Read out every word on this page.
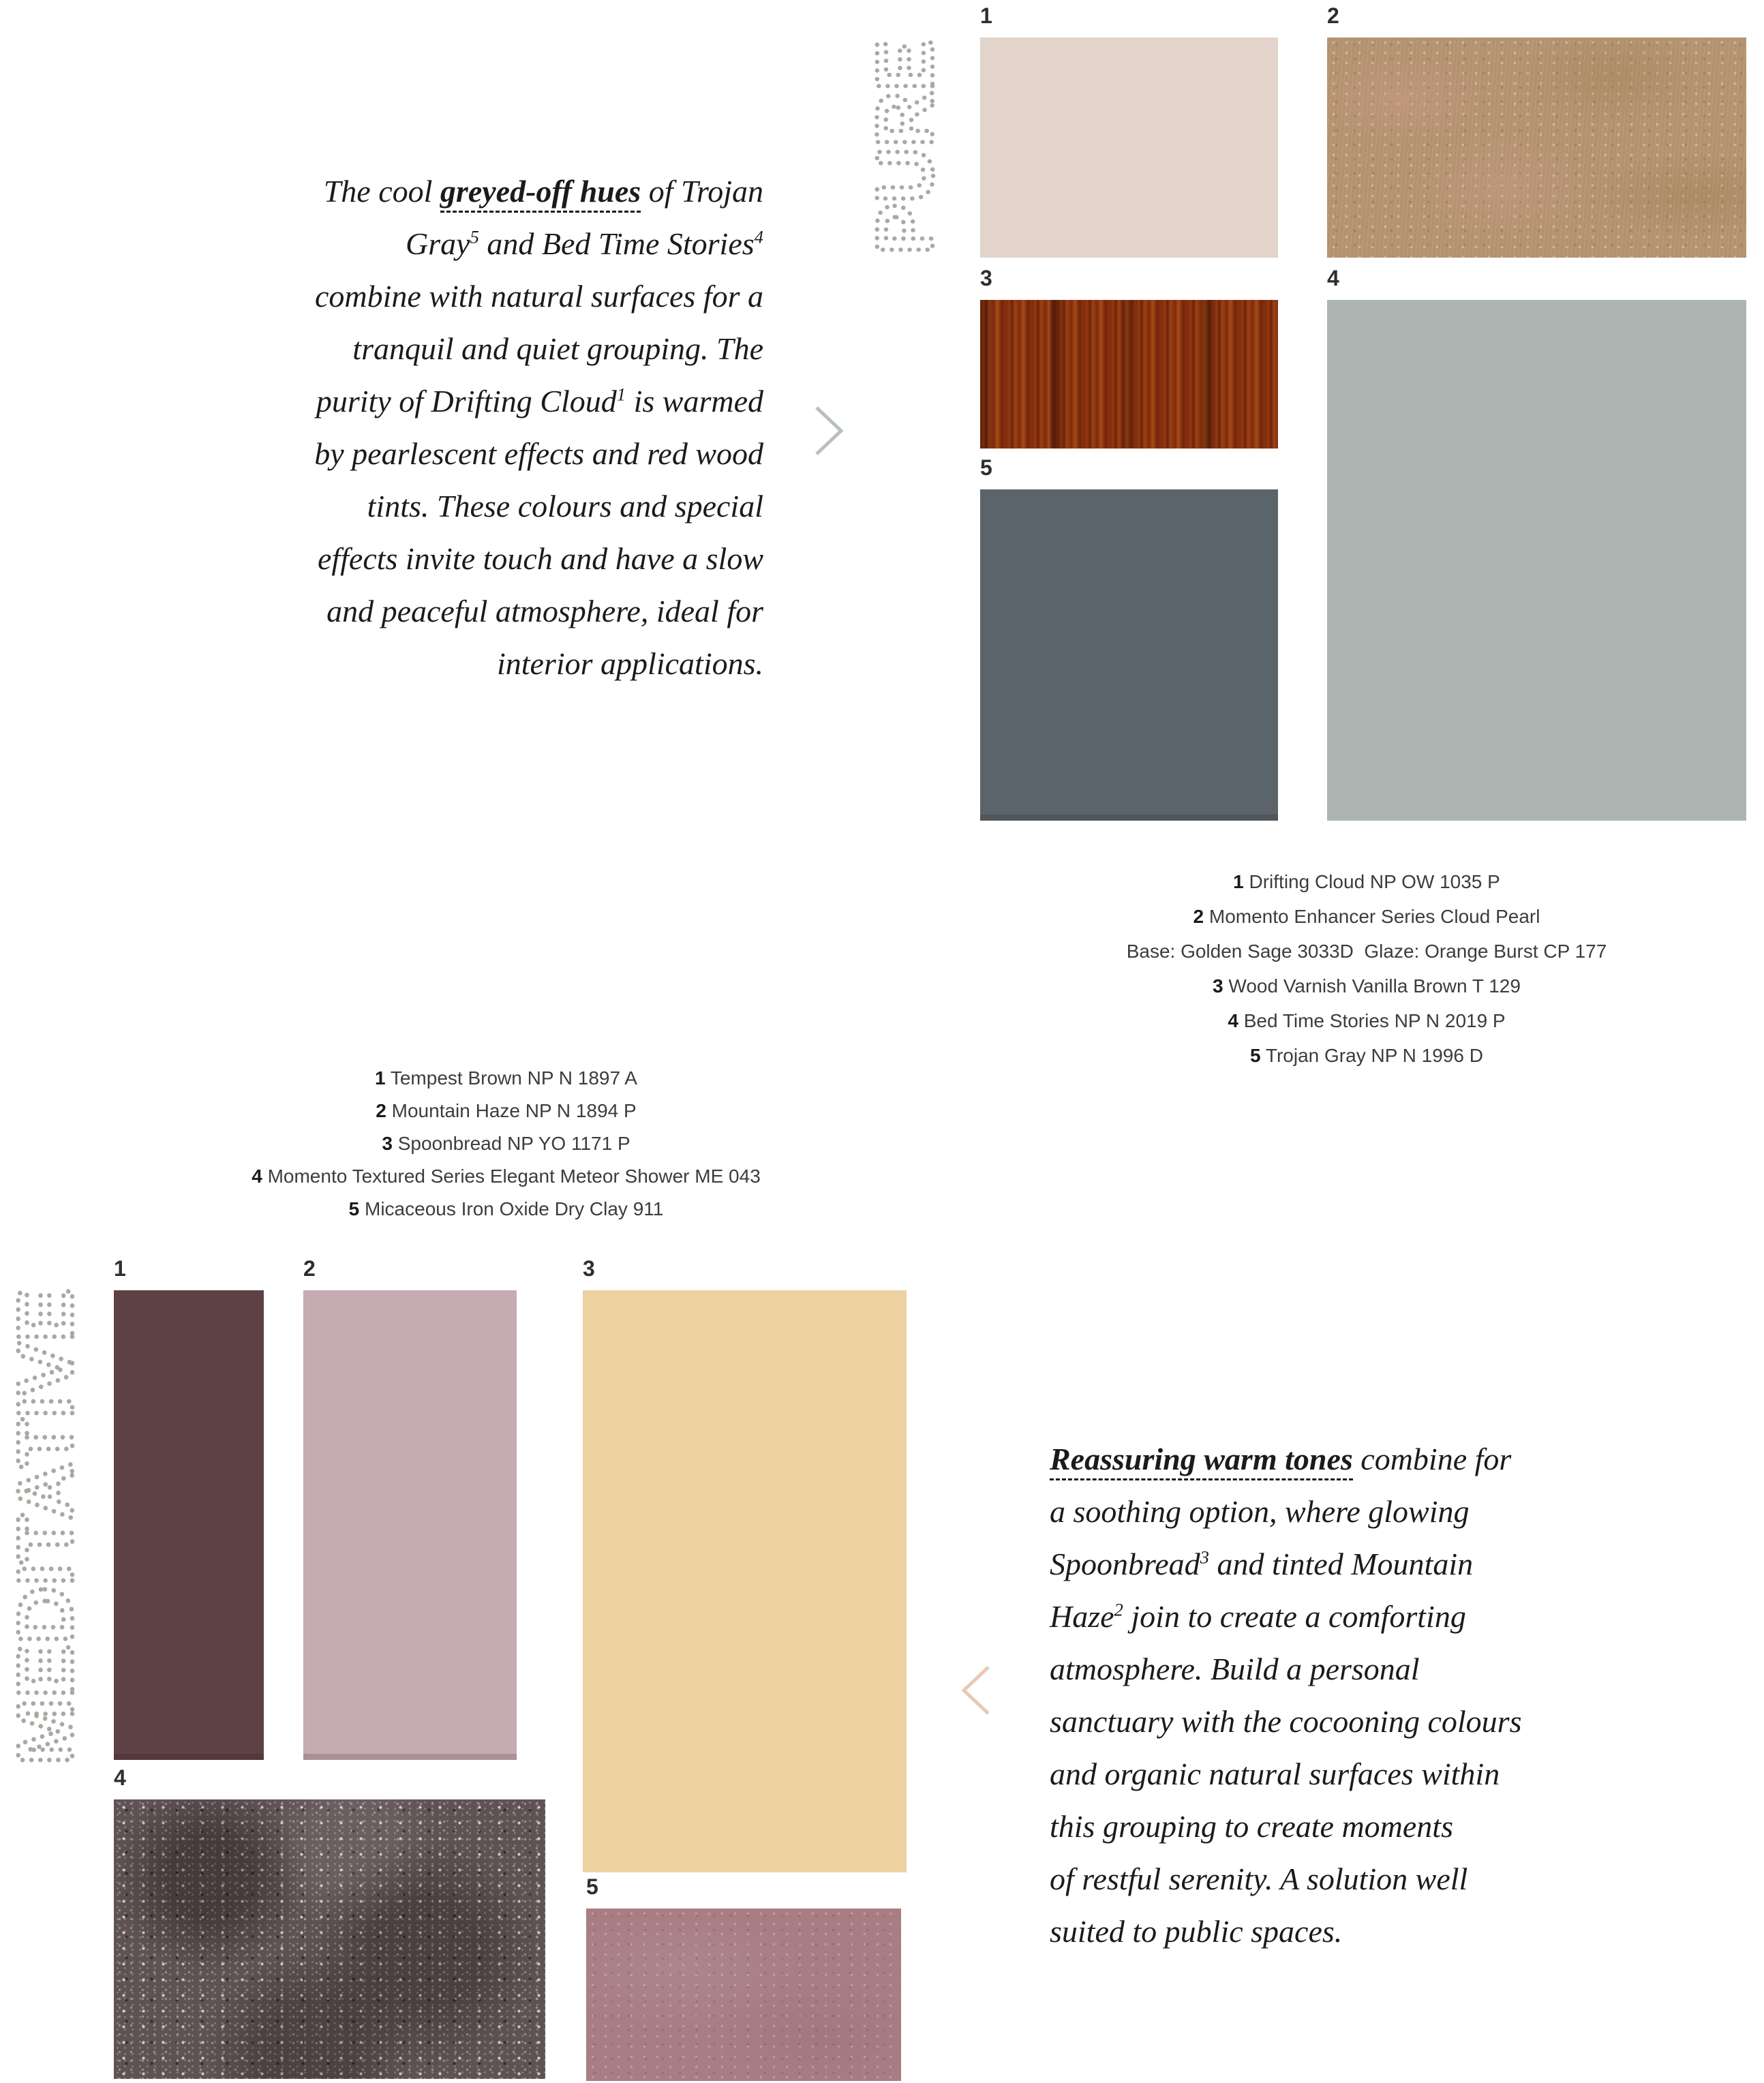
PURE
The cool greyed-off hues of Trojan
Gray$^5$ and Bed Time Stories$^4$
combine with natural surfaces for a
tranquil and quiet grouping. The
purity of Drifting Cloud$^1$ is warmed
by pearlescent effects and red wood
tints. These colours and special
effects invite touch and have a slow
and peaceful atmosphere, ideal for
interior applications.
1	2
3	4
5
1 Drifting Cloud NP OW 1035 P
2 Momento Enhancer Series Cloud Pearl
Base: Golden Sage 3033D  Glaze: Orange Burst CP 177
3 Wood Varnish Vanilla Brown T 129
4 Bed Time Stories NP N 2019 P
5 Trojan Gray NP N 1996 D
MEDITATIVE	Reassuring warm tones combine for
a soothing option, where glowing
Spoonbread$^3$ and tinted Mountain
Haze$^2$ join to create a comforting
atmosphere. Build a personal
sanctuary with the cocooning colours
and organic natural surfaces within
this grouping to create moments
of restful serenity. A solution well
suited to public spaces.
1	2	3
4
5
1 Tempest Brown NP N 1897 A
2 Mountain Haze NP N 1894 P
3 Spoonbread NP YO 1171 P
4 Momento Textured Series Elegant Meteor Shower ME 043
5 Micaceous Iron Oxide Dry Clay 911
